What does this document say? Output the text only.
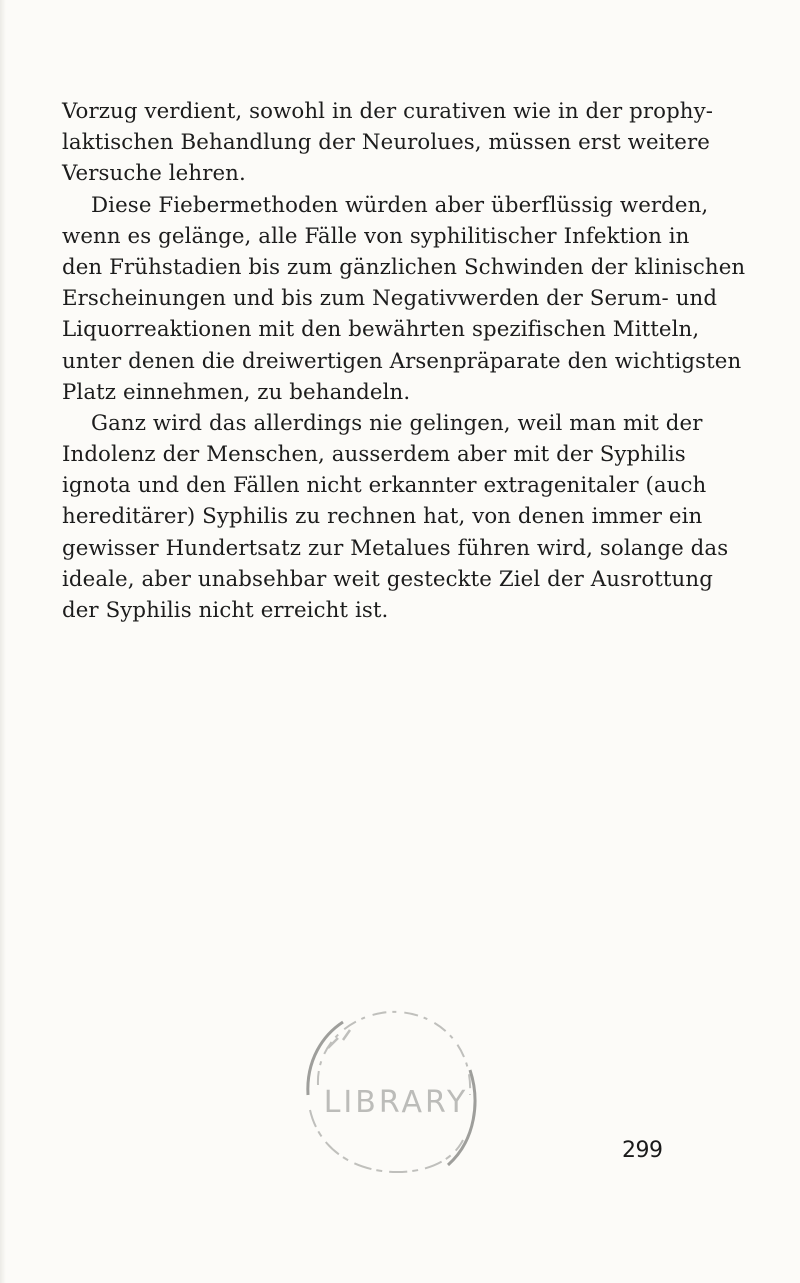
Vorzug verdient, sowohl in der curativen wie in der prophy-
laktischen Behandlung der Neurolues, müssen erst weitere
Versuche lehren.
Diese Fiebermethoden würden aber überflüssig werden,
wenn es gelänge, alle Fälle von syphilitischer Infektion in
den Frühstadien bis zum gänzlichen Schwinden der klinischen
Erscheinungen und bis zum Negativwerden der Serum- und
Liquorreaktionen mit den bewährten spezifischen Mitteln,
unter denen die dreiwertigen Arsenpräparate den wichtigsten
Platz einnehmen, zu behandeln.
Ganz wird das allerdings nie gelingen, weil man mit der
Indolenz der Menschen, ausserdem aber mit der Syphilis
ignota und den Fällen nicht erkannter extragenitaler (auch
hereditärer) Syphilis zu rechnen hat, von denen immer ein
gewisser Hundertsatz zur Metalues führen wird, solange das
ideale, aber unabsehbar weit gesteckte Ziel der Ausrottung
der Syphilis nicht erreicht ist.
LIBRARY
299
